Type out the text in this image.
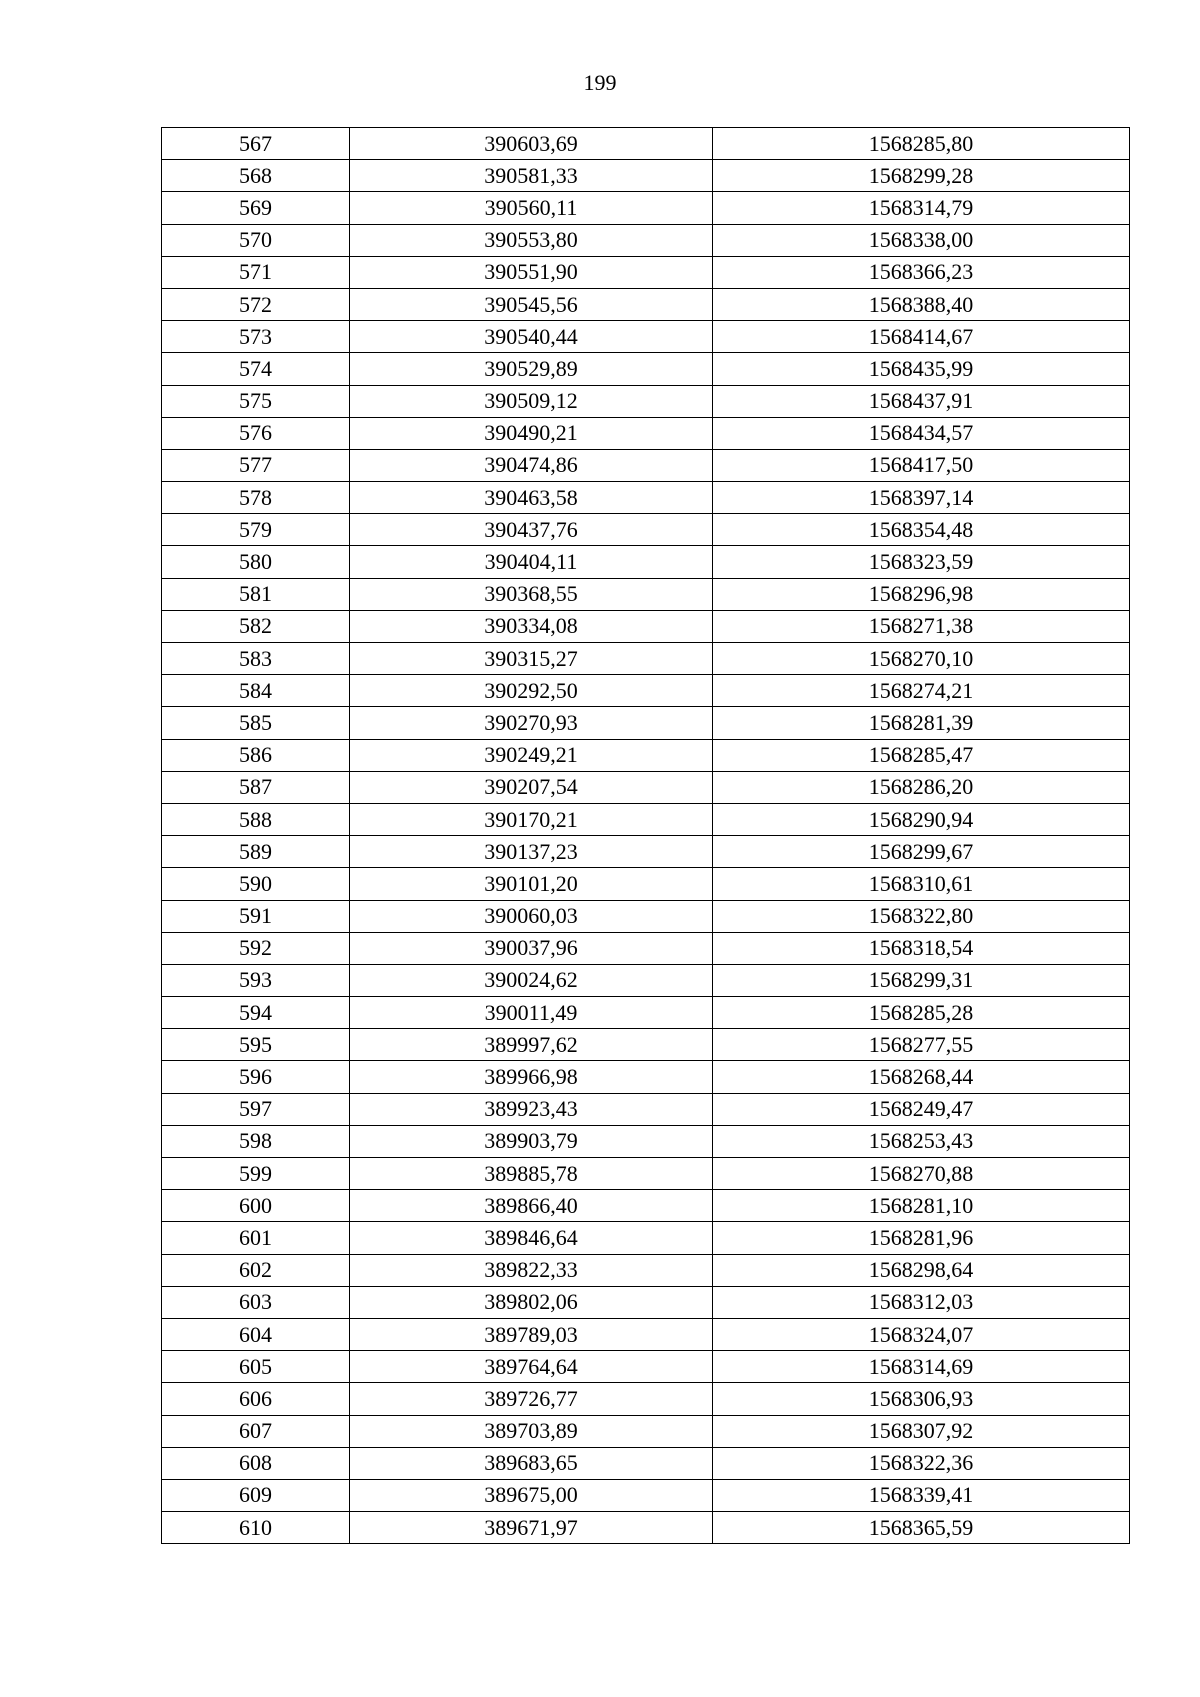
199
567	390603,69	1568285,80
568	390581,33	1568299,28
569	390560,11	1568314,79
570	390553,80	1568338,00
571	390551,90	1568366,23
572	390545,56	1568388,40
573	390540,44	1568414,67
574	390529,89	1568435,99
575	390509,12	1568437,91
576	390490,21	1568434,57
577	390474,86	1568417,50
578	390463,58	1568397,14
579	390437,76	1568354,48
580	390404,11	1568323,59
581	390368,55	1568296,98
582	390334,08	1568271,38
583	390315,27	1568270,10
584	390292,50	1568274,21
585	390270,93	1568281,39
586	390249,21	1568285,47
587	390207,54	1568286,20
588	390170,21	1568290,94
589	390137,23	1568299,67
590	390101,20	1568310,61
591	390060,03	1568322,80
592	390037,96	1568318,54
593	390024,62	1568299,31
594	390011,49	1568285,28
595	389997,62	1568277,55
596	389966,98	1568268,44
597	389923,43	1568249,47
598	389903,79	1568253,43
599	389885,78	1568270,88
600	389866,40	1568281,10
601	389846,64	1568281,96
602	389822,33	1568298,64
603	389802,06	1568312,03
604	389789,03	1568324,07
605	389764,64	1568314,69
606	389726,77	1568306,93
607	389703,89	1568307,92
608	389683,65	1568322,36
609	389675,00	1568339,41
610	389671,97	1568365,59
